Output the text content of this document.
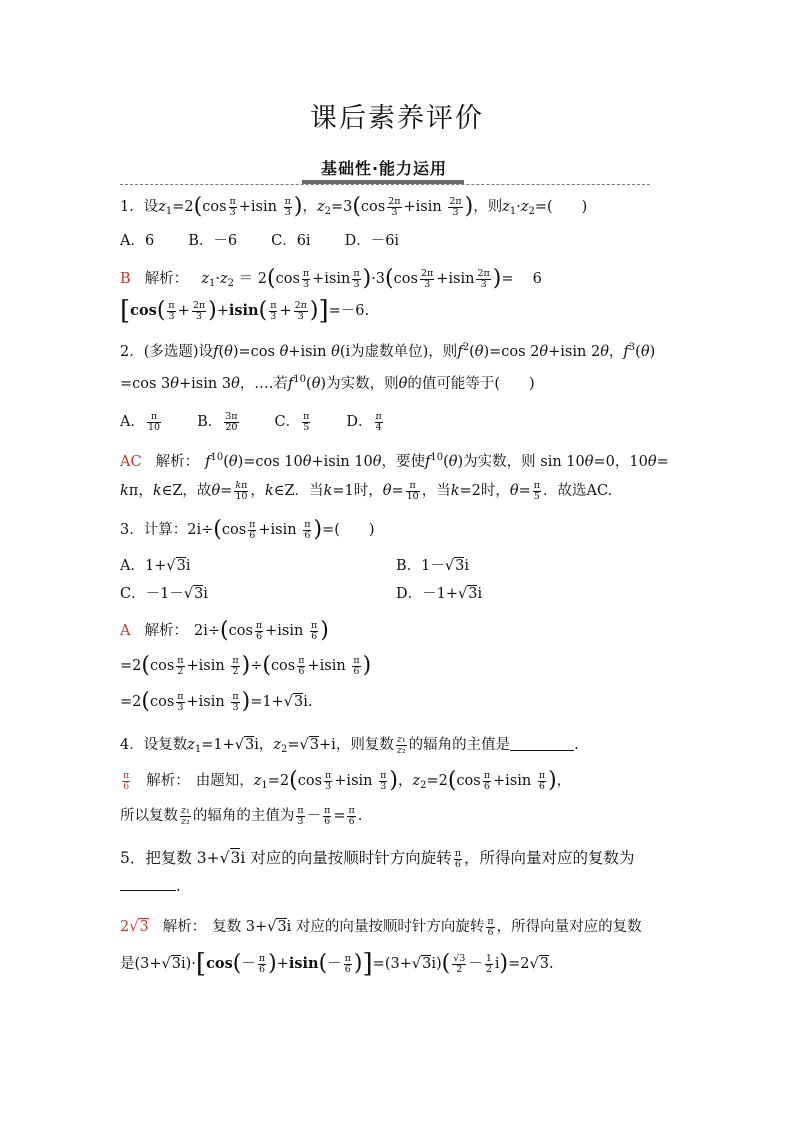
课后素养评价
基础性·能力运用
1．设$z_1=2(\cos \frac{\pi}{3} +isin \frac{\pi}{3}$ )，$z_2=3(\cos \frac{2\pi}{3} +isin \frac{2\pi}{3}$ )，则$z_1\cdot z_2=$(　　)
A．6 B．－6 C．6i D．－6i
B 解析：　 $z_1\cdot z_2 = 2(\cos \frac{\pi}{3} +isin \frac{\pi}{3} )\cdot 3(\cos \frac{2\pi}{3} +isin \frac{2\pi}{3}$ )= 　6
$[\cos( \frac{\pi}{3} + \frac{2\pi}{3} )+isin( \frac{\pi}{3} + \frac{2\pi}{3} )]=-6$.
2．(多选题)设f(θ)=cos θ+isin θ(i为虚数单位)，则$f^2(\theta)=\cos$ 2θ+isin 2θ，$f^3(\theta)$
=cos 3θ+isin 3θ，….若$f^{10}(\theta)$为实数，则θ的值可能等于(　　)
A． $\frac{\pi}{10}$ B． $\frac{3\pi}{20}$ C． $\frac{\pi}{5}$ D． $\frac{\pi}{4}$
AC 解析： $f^{10}(\theta)=\cos$ 10θ+isin 10θ，要使$f^{10}(\theta)$为实数，则 sin 10θ=0，10θ=
kπ，k∈Z，故$\theta= \frac{k\pi}{10}$ ，k∈Z．当k=1时，$\theta= \frac{\pi}{10}$ ，当k=2时，$\theta= \frac{\pi}{5}$ ．故选AC.
3．计算：$2i\div(\cos \frac{\pi}{6} +isin \frac{\pi}{6}$ )=(　　)
A．1+√3i	B．1－√3i
C．－1－√3i	D．－1+√3i
A 解析： $2i\div(\cos \frac{\pi}{6} +isin \frac{\pi}{6}$ )
$=2(\cos \frac{\pi}{2} +isin \frac{\pi}{2} )\div(\cos \frac{\pi}{6} +isin \frac{\pi}{6}$ )
$=2(\cos \frac{\pi}{3} +isin \frac{\pi}{3} )=1+√3i$.
4．设复数$z_1=1+√3i$，$z_2=√3+i$，则复数 $\frac{\text{z₁}}{\text{z₂}}$ 的辐角的主值是	.
$\frac{\pi}{6}$ 解析： 由题知，$z_1=2(\cos \frac{\pi}{3} +isin \frac{\pi}{3}$ )，$z_2=2(\cos \frac{\pi}{6} +isin \frac{\pi}{6}$ )，
所以复数 $\frac{\text{z₁}}{\text{z₂}}$ 的辐角的主值为 $\frac{\pi}{3} - \frac{\pi}{6} = \frac{\pi}{6}$ .
5．把复数 3+√3i 对应的向量按顺时针方向旋转 $\frac{\pi}{6}$ ，所得向量对应的复数为
.
2√3 解析： 复数 3+√3i 对应的向量按顺时针方向旋转 $\frac{\pi}{6}$ ，所得向量对应的复数
是$(3+√3i)\cdot[\cos(- \frac{\pi}{6} )+isin(- \frac{\pi}{6} )]=(3+√3i)( \frac{√3}{2} - \frac{1}{2} i)=2√3$.
